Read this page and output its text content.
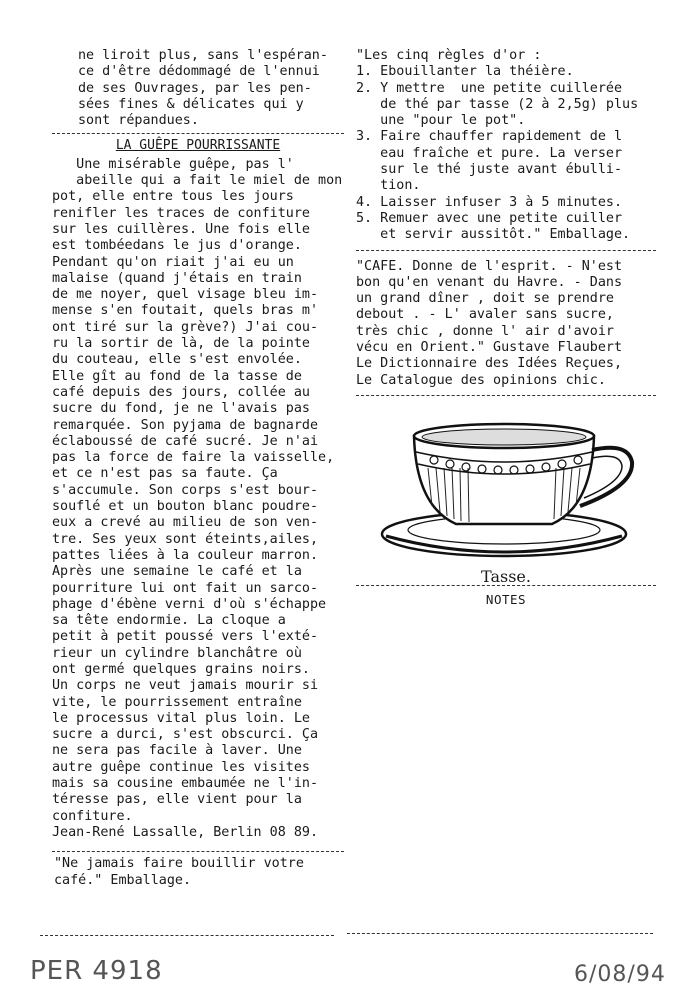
ne liroit plus, sans l'espéran-
ce d'être dédommagé de l'ennui
de ses Ouvrages, par les pen-
sées fines & délicates qui y
sont répandues.
LA GUÊPE POURRISSANTE
Une misérable guêpe, pas l'
abeille qui a fait le miel de mon
pot, elle entre tous les jours
renifler les traces de confiture
sur les cuillères. Une fois elle
est tombéedans le jus d'orange.
Pendant qu'on riait j'ai eu un
malaise (quand j'étais en train
de me noyer, quel visage bleu im-
mense s'en foutait, quels bras m'
ont tiré sur la grève?) J'ai cou-
ru la sortir de là, de la pointe
du couteau, elle s'est envolée.
Elle gît au fond de la tasse de
café depuis des jours, collée au
sucre du fond, je ne l'avais pas
remarquée. Son pyjama de bagnarde
éclaboussé de café sucré. Je n'ai
pas la force de faire la vaisselle,
et ce n'est pas sa faute. Ça
s'accumule. Son corps s'est bour-
souflé et un bouton blanc poudre-
eux a crevé au milieu de son ven-
tre. Ses yeux sont éteints,ailes,
pattes liées à la couleur marron.
Après une semaine le café et la
pourriture lui ont fait un sarco-
phage d'ébène verni d'où s'échappe
sa tête endormie. La cloque a
petit à petit poussé vers l'exté-
rieur un cylindre blanchâtre où
ont germé quelques grains noirs.
Un corps ne veut jamais mourir si
vite, le pourrissement entraîne
le processus vital plus loin. Le
sucre a durci, s'est obscurci. Ça
ne sera pas facile à laver. Une
autre guêpe continue les visites
mais sa cousine embaumée ne l'in-
téresse pas, elle vient pour la
confiture.
Jean-René Lassalle, Berlin 08 89.
"Ne jamais faire bouillir votre
café." Emballage.
"Les cinq règles d'or :
1. Ebouillanter la théière.
2. Y mettre  une petite cuillerée
de thé par tasse (2 à 2,5g) plus
une "pour le pot".
3. Faire chauffer rapidement de l
eau fraîche et pure. La verser
sur le thé juste avant ébulli-
tion.
4. Laisser infuser 3 à 5 minutes.
5. Remuer avec une petite cuiller
et servir aussitôt." Emballage.
"CAFE. Donne de l'esprit. - N'est
bon qu'en venant du Havre. - Dans
un grand dîner , doit se prendre
debout . - L' avaler sans sucre,
très chic , donne l' air d'avoir
vécu en Orient." Gustave Flaubert
Le Dictionnaire des Idées Reçues,
Le Catalogue des opinions chic.
Tasse.
NOTES
PER 4918	6/08/94
